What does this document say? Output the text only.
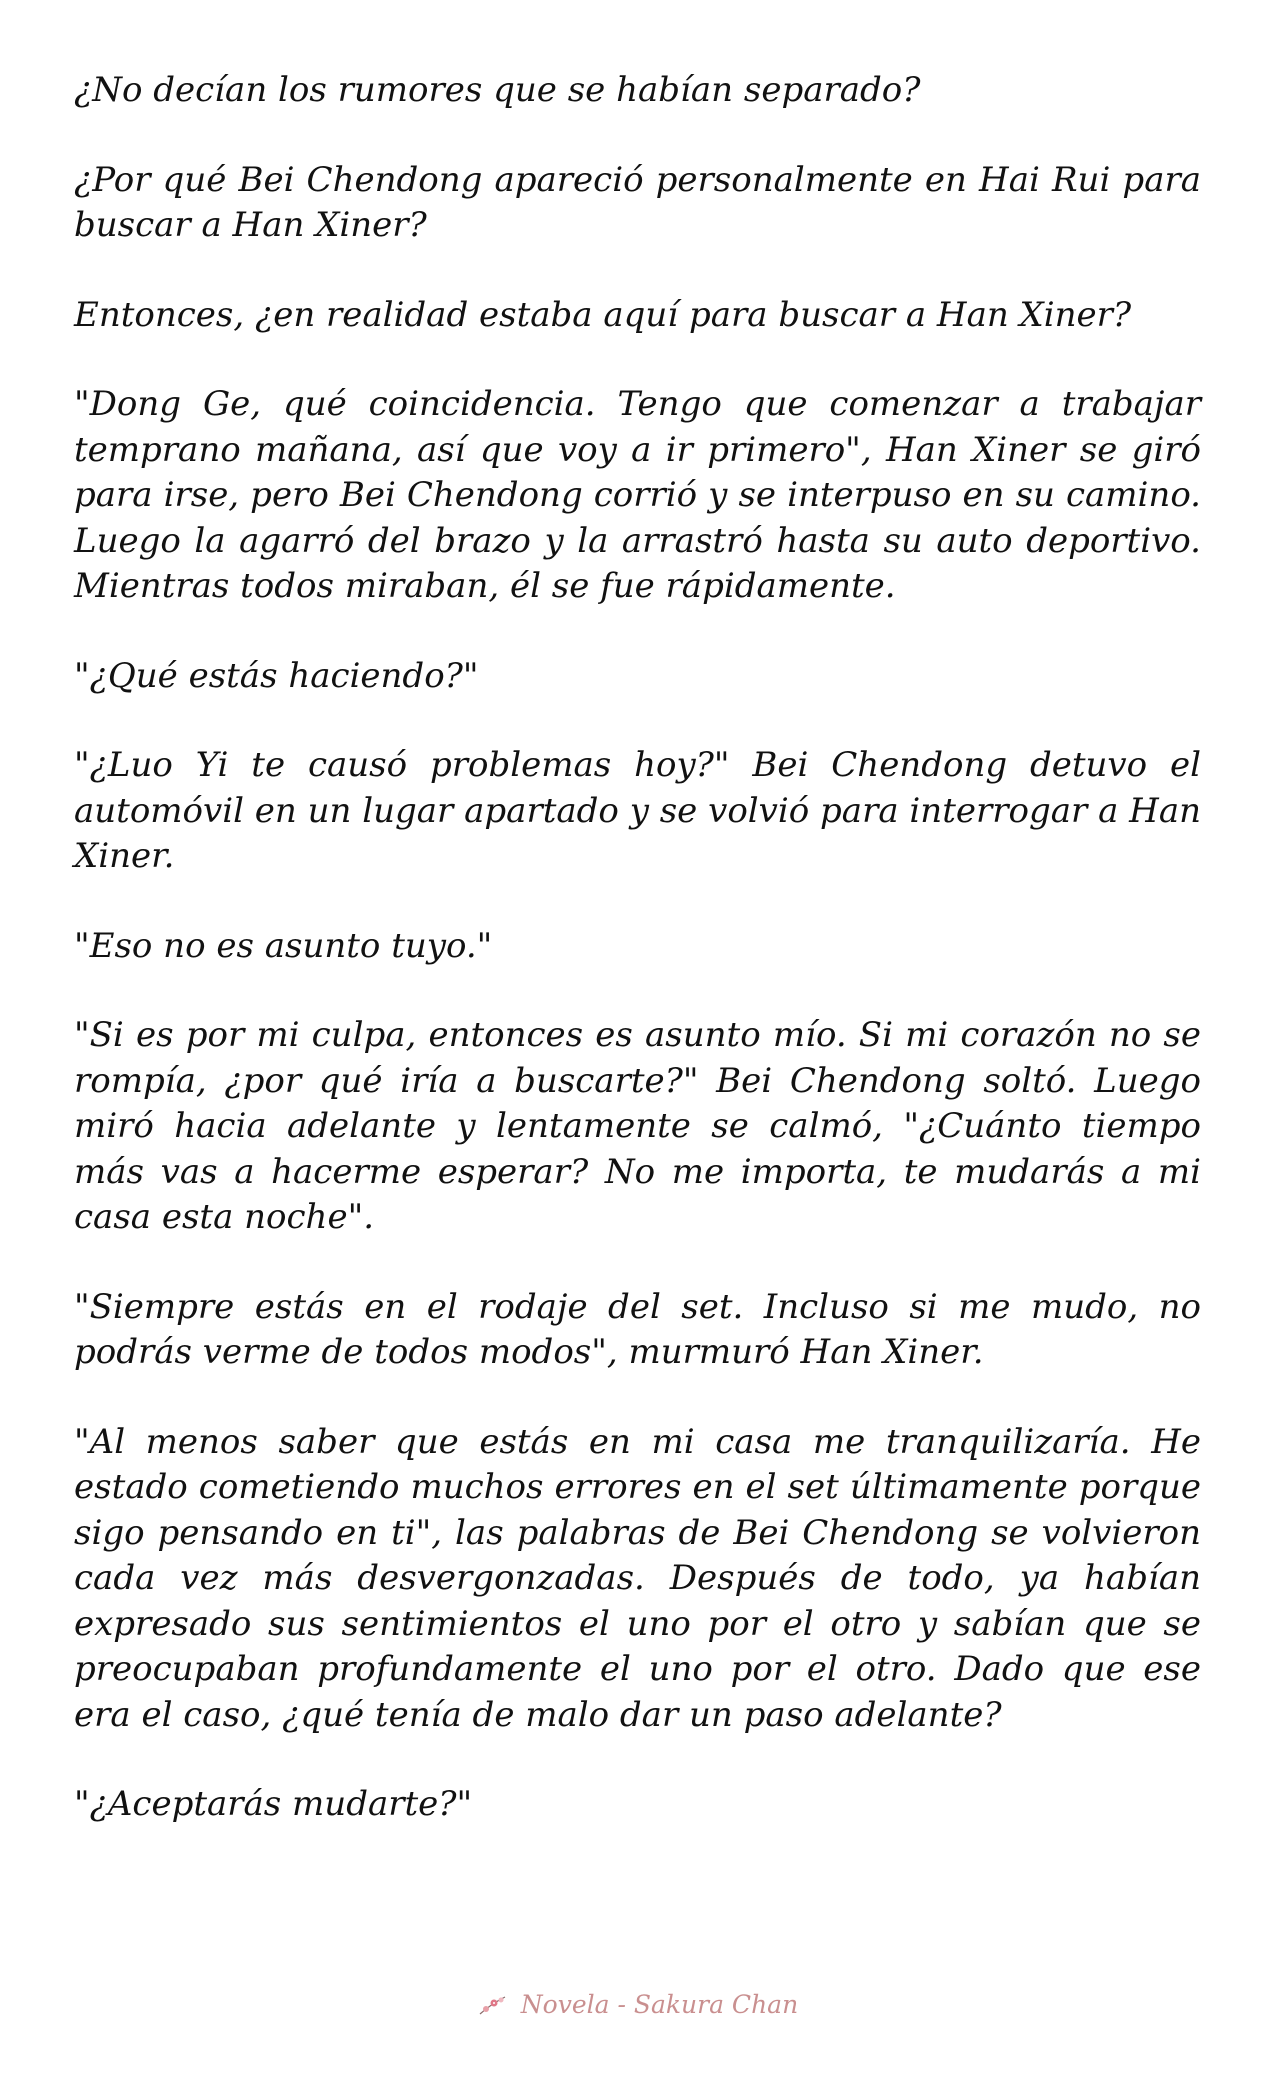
¿No decían los rumores que se habían separado?

¿Por qué Bei Chendong apareció personalmente en Hai Rui para buscar a Han Xiner?

Entonces, ¿en realidad estaba aquí para buscar a Han Xiner?

"Dong Ge, qué coincidencia. Tengo que comenzar a trabajar temprano mañana, así que voy a ir primero", Han Xiner se giró para irse, pero Bei Chendong corrió y se interpuso en su camino. Luego la agarró del brazo y la arrastró hasta su auto deportivo. Mientras todos miraban, él se fue rápidamente.

"¿Qué estás haciendo?"

"¿Luo Yi te causó problemas hoy?" Bei Chendong detuvo el automóvil en un lugar apartado y se volvió para interrogar a Han Xiner.

"Eso no es asunto tuyo."

"Si es por mi culpa, entonces es asunto mío. Si mi corazón no se rompía, ¿por qué iría a buscarte?" Bei Chendong soltó. Luego miró hacia adelante y lentamente se calmó, "¿Cuánto tiempo más vas a hacerme esperar? No me importa, te mudarás a mi casa esta noche".

"Siempre estás en el rodaje del set. Incluso si me mudo, no podrás verme de todos modos", murmuró Han Xiner.

"Al menos saber que estás en mi casa me tranquilizaría. He estado cometiendo muchos errores en el set últimamente porque sigo pensando en ti", las palabras de Bei Chendong se volvieron cada vez más desvergonzadas. Después de todo, ya habían expresado sus sentimientos el uno por el otro y sabían que se preocupaban profundamente el uno por el otro. Dado que ese era el caso, ¿qué tenía de malo dar un paso adelante?

"¿Aceptarás mudarte?"

Novela - Sakura Chan
